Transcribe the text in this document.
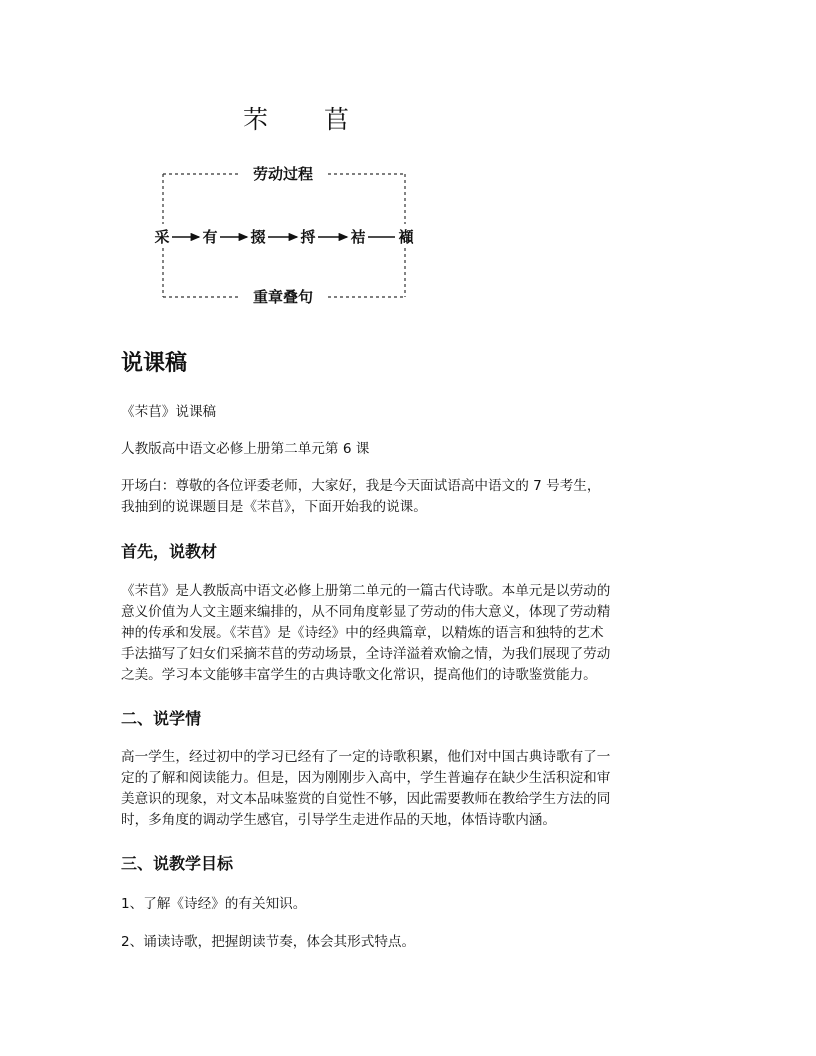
芣 苢
劳动过程
重章叠句
采 有 掇 捋 袺 襭
说课稿
《芣苢》说课稿
人教版高中语文必修上册第二单元第 6 课
开场白：尊敬的各位评委老师，大家好，我是今天面试语高中语文的 7 号考生，
我抽到的说课题目是《芣苢》，下面开始我的说课。
首先，说教材
《芣苢》是人教版高中语文必修上册第二单元的一篇古代诗歌。本单元是以劳动的
意义价值为人文主题来编排的，从不同角度彰显了劳动的伟大意义，体现了劳动精
神的传承和发展。《芣苢》是《诗经》中的经典篇章，以精炼的语言和独特的艺术
手法描写了妇女们采摘芣苢的劳动场景，全诗洋溢着欢愉之情，为我们展现了劳动
之美。学习本文能够丰富学生的古典诗歌文化常识，提高他们的诗歌鉴赏能力。
二、说学情
高一学生，经过初中的学习已经有了一定的诗歌积累，他们对中国古典诗歌有了一
定的了解和阅读能力。但是，因为刚刚步入高中，学生普遍存在缺少生活积淀和审
美意识的现象，对文本品味鉴赏的自觉性不够，因此需要教师在教给学生方法的同
时，多角度的调动学生感官，引导学生走进作品的天地，体悟诗歌内涵。
三、说教学目标
1、了解《诗经》的有关知识。
2、诵读诗歌，把握朗读节奏，体会其形式特点。
